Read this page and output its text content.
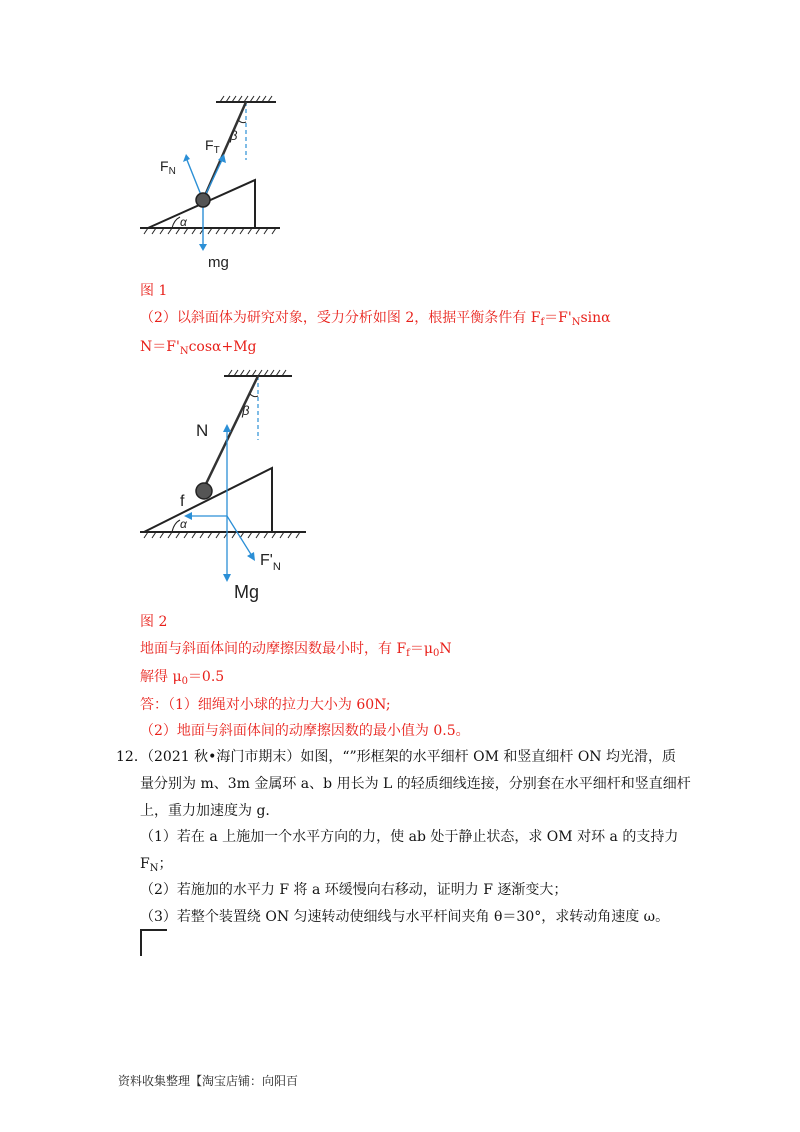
$F_T$
β
$F_N$
α
mg
图 1
（2）以斜面体为研究对象，受力分析如图 2，根据平衡条件有 $F_f=F'_N\sin\alpha$
$N=F'_N\cos\alpha+Mg$
N
β
f
α
$F'_N$
Mg
图 2
地面与斜面体间的动摩擦因数最小时，有 $F_f=\mu_0N$
解得 $\mu_0=0.5$
答：（1）细绳对小球的拉力大小为 60N;
（2）地面与斜面体间的动摩擦因数的最小值为 0.5。
12．
（2021 秋•海门市期末）如图，“”形框架的水平细杆 OM 和竖直细杆 ON 均光滑，质
量分别为 m、3m 金属环 a、b 用长为 L 的轻质细线连接，分别套在水平细杆和竖直细杆
上，重力加速度为 g.
（1）若在 a 上施加一个水平方向的力，使 ab 处于静止状态，求 OM 对环 a 的支持力
$F_N$；
（2）若施加的水平力 F 将 a 环缓慢向右移动，证明力 F 逐渐变大；
（3）若整个装置绕 ON 匀速转动使细线与水平杆间夹角 θ＝30°，求转动角速度 ω。
资料收集整理【淘宝店铺：向阳百
